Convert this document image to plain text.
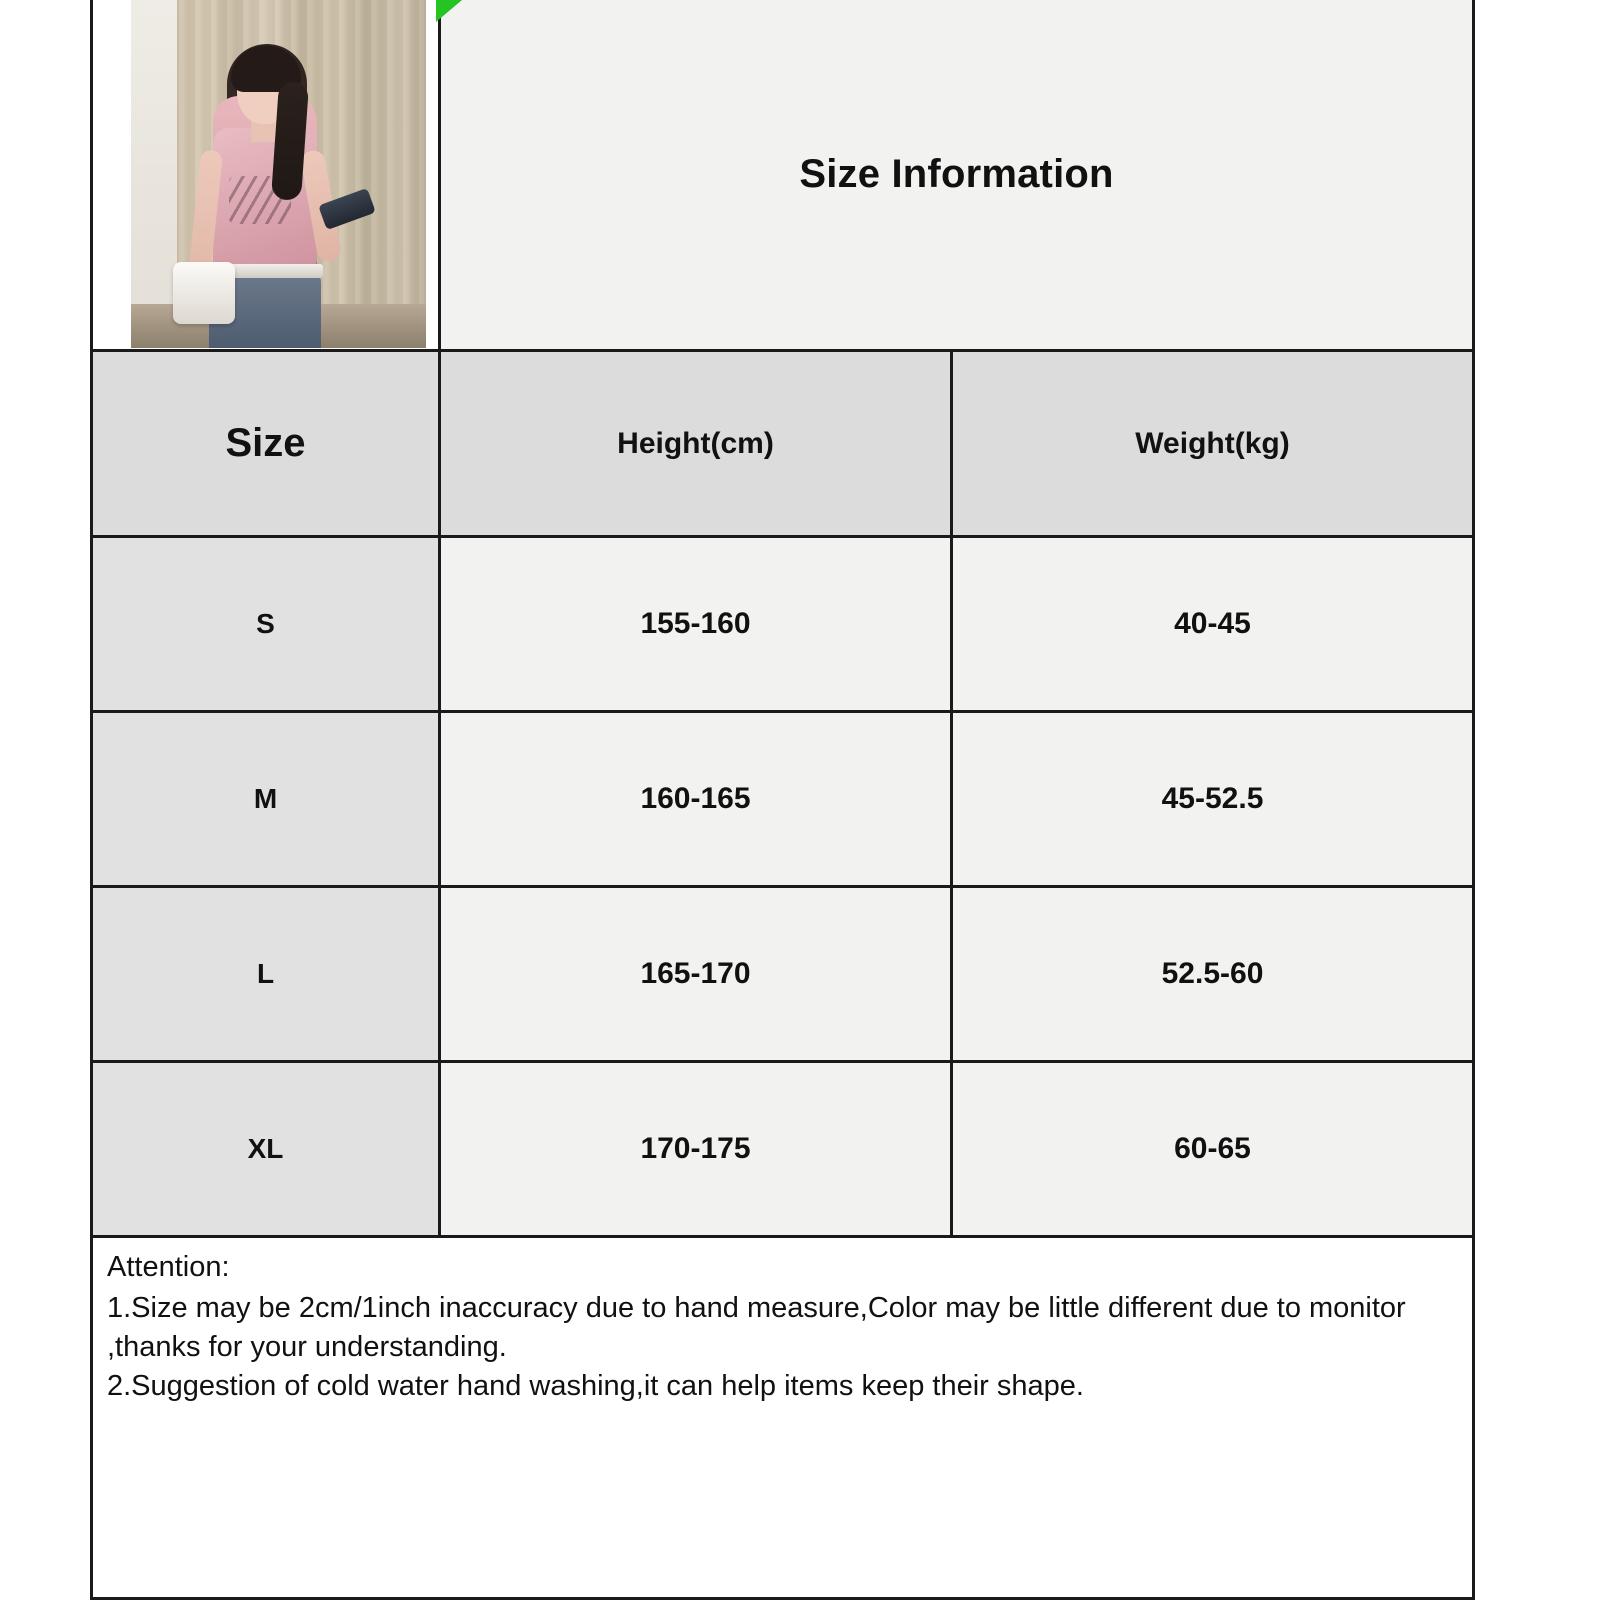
Size Information
Size	Height(cm)	Weight(kg)
S	155-160	40-45
M	160-165	45-52.5
L	165-170	52.5-60
XL	170-175	60-65

Attention:

1.Size may be 2cm/1inch inaccuracy due to hand measure,Color may be little different due to monitor ,thanks for your understanding.

2.Suggestion of cold water hand washing,it can help items keep their shape.
